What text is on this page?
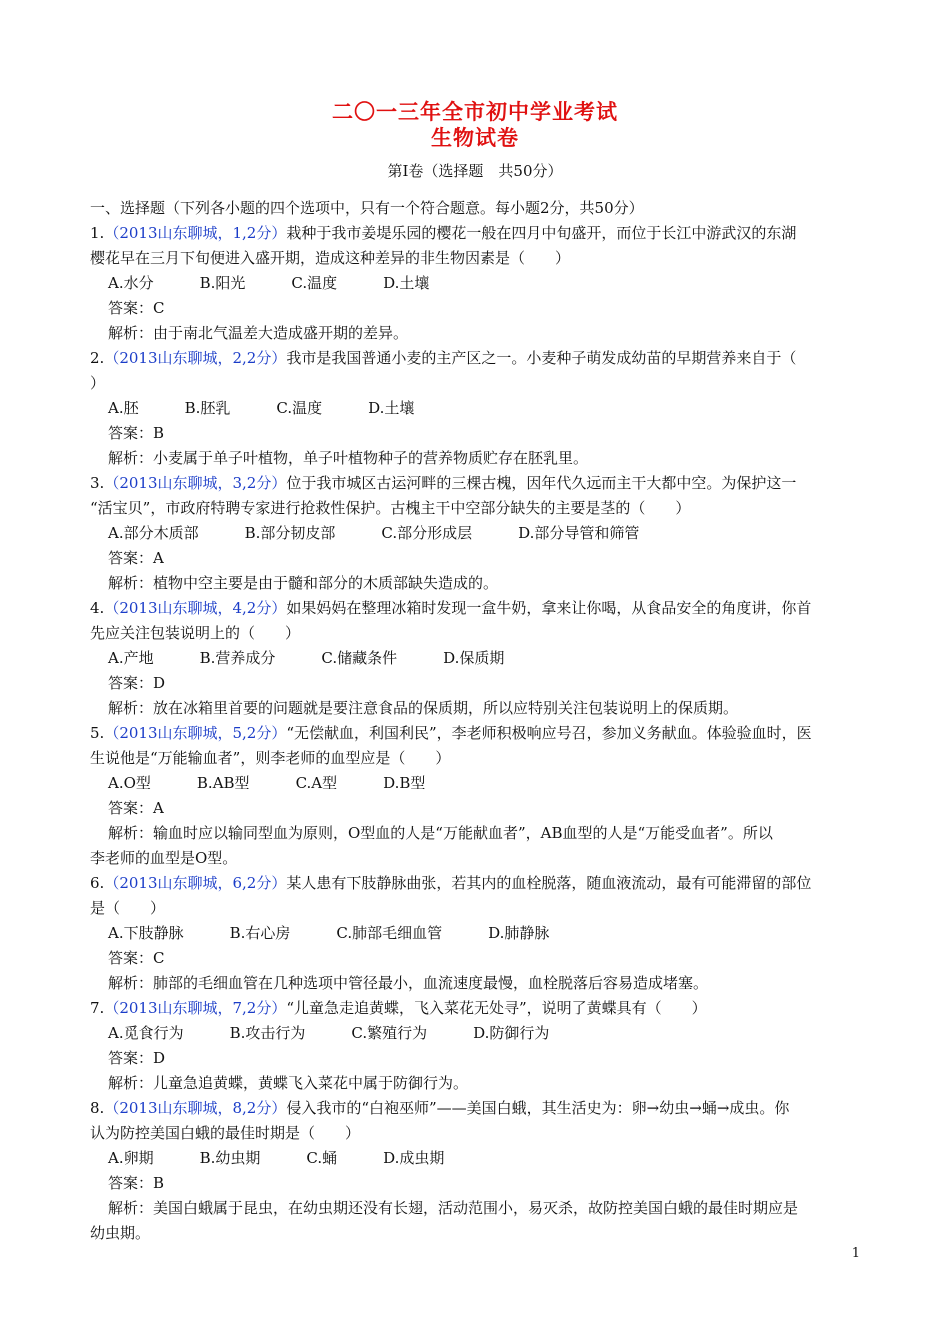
二〇一三年全市初中学业考试
生物试卷
第Ⅰ卷（选择题　共50分）
一、选择题（下列各小题的四个选项中，只有一个符合题意。每小题2分，共50分）
1.（2013山东聊城，1,2分）栽种于我市姜堤乐园的樱花一般在四月中旬盛开，而位于长江中游武汉的东湖
樱花早在三月下旬便进入盛开期，造成这种差异的非生物因素是（　　）
A.水分	B.阳光	C.温度	D.土壤
答案：C
解析：由于南北气温差大造成盛开期的差异。
2.（2013山东聊城，2,2分）我市是我国普通小麦的主产区之一。小麦种子萌发成幼苗的早期营养来自于（
）
A.胚	B.胚乳	C.温度	D.土壤
答案：B
解析：小麦属于单子叶植物，单子叶植物种子的营养物质贮存在胚乳里。
3.（2013山东聊城，3,2分）位于我市城区古运河畔的三棵古槐，因年代久远而主干大都中空。为保护这一
“活宝贝”，市政府特聘专家进行抢救性保护。古槐主干中空部分缺失的主要是茎的（　　）
A.部分木质部	B.部分韧皮部	C.部分形成层	D.部分导管和筛管
答案：A
解析：植物中空主要是由于髓和部分的木质部缺失造成的。
4.（2013山东聊城，4,2分）如果妈妈在整理冰箱时发现一盒牛奶，拿来让你喝，从食品安全的角度讲，你首
先应关注包装说明上的（　　）
A.产地	B.营养成分	C.储藏条件	D.保质期
答案：D
解析：放在冰箱里首要的问题就是要注意食品的保质期，所以应特别关注包装说明上的保质期。
5.（2013山东聊城，5,2分）“无偿献血，利国利民”，李老师积极响应号召，参加义务献血。体验验血时，医
生说他是“万能输血者”，则李老师的血型应是（　　）
A.O型	B.AB型	C.A型	D.B型
答案：A
解析：输血时应以输同型血为原则，O型血的人是“万能献血者”，AB血型的人是“万能受血者”。所以
李老师的血型是O型。
6.（2013山东聊城，6,2分）某人患有下肢静脉曲张，若其内的血栓脱落，随血液流动，最有可能滞留的部位
是（　　）
A.下肢静脉	B.右心房	C.肺部毛细血管	D.肺静脉
答案：C
解析：肺部的毛细血管在几种选项中管径最小，血流速度最慢，血栓脱落后容易造成堵塞。
7.（2013山东聊城，7,2分）“儿童急走追黄蝶，飞入菜花无处寻”，说明了黄蝶具有（　　）
A.觅食行为	B.攻击行为	C.繁殖行为	D.防御行为
答案：D
解析：儿童急追黄蝶，黄蝶飞入菜花中属于防御行为。
8.（2013山东聊城，8,2分）侵入我市的“白袍巫师”——美国白蛾，其生活史为：卵→幼虫→蛹→成虫。你
认为防控美国白蛾的最佳时期是（　　）
A.卵期	B.幼虫期	C.蛹	D.成虫期
答案：B
解析：美国白蛾属于昆虫，在幼虫期还没有长翅，活动范围小，易灭杀，故防控美国白蛾的最佳时期应是
幼虫期。
1
